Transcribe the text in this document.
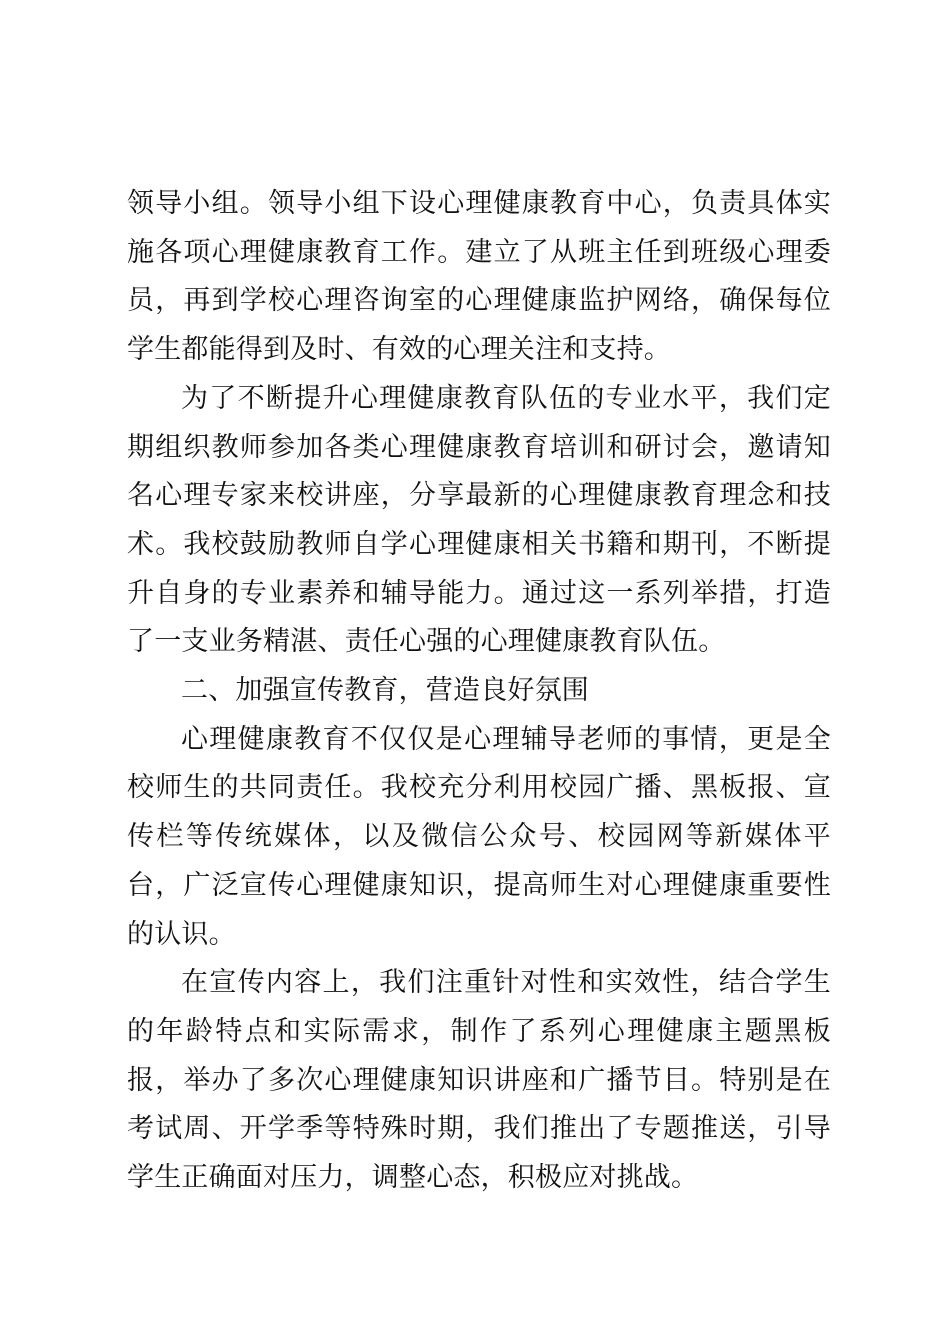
领导小组。领导小组下设心理健康教育中心，负责具体实施各项心理健康教育工作。建立了从班主任到班级心理委员，再到学校心理咨询室的心理健康监护网络，确保每位学生都能得到及时、有效的心理关注和支持。

为了不断提升心理健康教育队伍的专业水平，我们定期组织教师参加各类心理健康教育培训和研讨会，邀请知名心理专家来校讲座，分享最新的心理健康教育理念和技术。我校鼓励教师自学心理健康相关书籍和期刊，不断提升自身的专业素养和辅导能力。通过这一系列举措，打造了一支业务精湛、责任心强的心理健康教育队伍。

二、加强宣传教育，营造良好氛围

心理健康教育不仅仅是心理辅导老师的事情，更是全校师生的共同责任。我校充分利用校园广播、黑板报、宣传栏等传统媒体，以及微信公众号、校园网等新媒体平台，广泛宣传心理健康知识，提高师生对心理健康重要性的认识。

在宣传内容上，我们注重针对性和实效性，结合学生的年龄特点和实际需求，制作了系列心理健康主题黑板报，举办了多次心理健康知识讲座和广播节目。特别是在考试周、开学季等特殊时期，我们推出了专题推送，引导学生正确面对压力，调整心态，积极应对挑战。
